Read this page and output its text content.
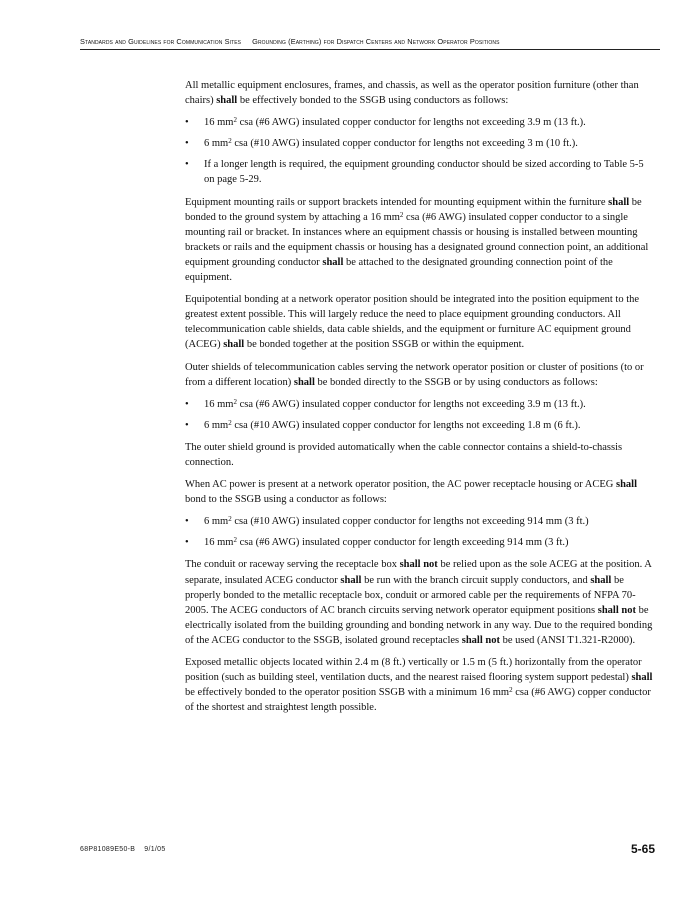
Standards and Guidelines for Communication Sites Grounding (Earthing) for Dispatch Centers and Network Operator Positions

All metallic equipment enclosures, frames, and chassis, as well as the operator position furniture (other than chairs) shall be effectively bonded to the SSGB using conductors as follows:

• 16 $mm^2$ csa (#6 AWG) insulated copper conductor for lengths not exceeding 3.9 m (13 ft.).
• 6 $mm^2$ csa (#10 AWG) insulated copper conductor for lengths not exceeding 3 m (10 ft.).
• If a longer length is required, the equipment grounding conductor should be sized according to Table 5-5 on page 5-29.

Equipment mounting rails or support brackets intended for mounting equipment within the furniture shall be bonded to the ground system by attaching a 16 $mm^2$ csa (#6 AWG) insulated copper conductor to a single mounting rail or bracket. In instances where an equipment chassis or housing is installed between mounting brackets or rails and the equipment chassis or housing has a designated ground connection point, an additional equipment grounding conductor shall be attached to the designated grounding connection point of the equipment.

Equipotential bonding at a network operator position should be integrated into the position equipment to the greatest extent possible. This will largely reduce the need to place equipment grounding conductors. All telecommunication cable shields, data cable shields, and the equipment or furniture AC equipment ground (ACEG) shall be bonded together at the position SSGB or within the equipment.

Outer shields of telecommunication cables serving the network operator position or cluster of positions (to or from a different location) shall be bonded directly to the SSGB or by using conductors as follows:

• 16 $mm^2$ csa (#6 AWG) insulated copper conductor for lengths not exceeding 3.9 m (13 ft.).
• 6 $mm^2$ csa (#10 AWG) insulated copper conductor for lengths not exceeding 1.8 m (6 ft.).

The outer shield ground is provided automatically when the cable connector contains a shield-to-chassis connection.

When AC power is present at a network operator position, the AC power receptacle housing or ACEG shall bond to the SSGB using a conductor as follows:

• 6 $mm^2$ csa (#10 AWG) insulated copper conductor for lengths not exceeding 914 mm (3 ft.)
• 16 $mm^2$ csa (#6 AWG) insulated copper conductor for length exceeding 914 mm (3 ft.)

The conduit or raceway serving the receptacle box shall not be relied upon as the sole ACEG at the position. A separate, insulated ACEG conductor shall be run with the branch circuit supply conductors, and shall be properly bonded to the metallic receptacle box, conduit or armored cable per the requirements of NFPA 70-2005. The ACEG conductors of AC branch circuits serving network operator equipment positions shall not be electrically isolated from the building grounding and bonding network in any way. Due to the required bonding of the ACEG conductor to the SSGB, isolated ground receptacles shall not be used (ANSI T1.321-R2000).

Exposed metallic objects located within 2.4 m (8 ft.) vertically or 1.5 m (5 ft.) horizontally from the operator position (such as building steel, ventilation ducts, and the nearest raised flooring system support pedestal) shall be effectively bonded to the operator position SSGB with a minimum 16 $mm^2$ csa (#6 AWG) copper conductor of the shortest and straightest length possible.

68P81089E50-B 9/1/05	5-65
